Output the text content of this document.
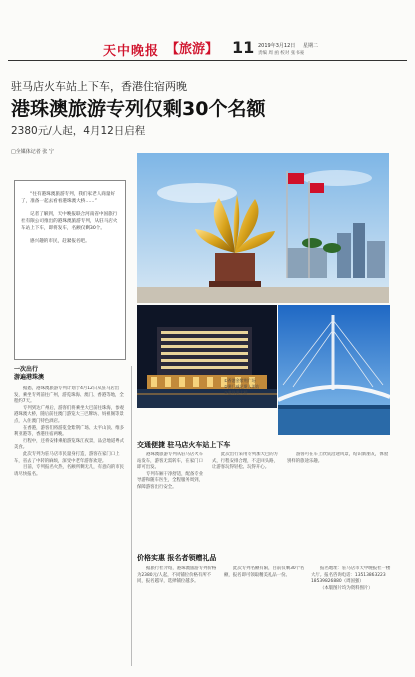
天中晚报 【旅游】 11 2019年3月12日 星期二
责编 周 函 校对 张书豪
驻马店火车站上下车，香港住宿两晚
港珠澳旅游专列仅剩30个名额
2380元/人起，4月12日启程
□全媒体记者 张 宁

“往有港珠澳旅游专列，我们家老人商量好了，准备一起去看看港珠澳大桥……”

记者了解到，天中晚报联合河南省中国旅行社有限公司推出的港珠澳旅游专列，从驻马店火车站上下车，即将发车，名额仅剩30个。

感兴趣的市民，赶紧报名吧。

①香港金紫荆广场
②澳门威尼斯人酒店
③港珠澳大桥
一次出行
游遍港珠澳
据悉，港珠澳旅游专列计划于4月12日从驻马店出发，乘坐专列前往广州，游览珠海、澳门、香港等地，全程约7天。
专列到达广州后，游客们将乘坐大巴前往珠海，参观港珠澳大桥，随后前往澳门游览大三巴牌坊、妈祖阁等景点，入住澳门特色酒店。
在香港，游客们将游览金紫荆广场、太平山顶、维多利亚港等，香港住宿两晚。
行程中，还将安排乘船游览珠江夜景，品尝地道粤式美食。
此次专列为驻马店市民量身打造，游客在家门口上车，省去了中转的麻烦，深受中老年游客欢迎。
目前，专列报名火热，名额所剩无几，有意向的市民请尽快报名。
交通便捷 驻马店火车站上下车
港珠澳旅游专列从驻马店火车站发车，游客无需转车，在家门口即可出发。
专列车厢干净舒适，配备专业导游和随车医生，全程服务周到，保障游客出行安全。
此次出行采用专列加大巴的方式，行程安排合理，不走回头路，让游客玩得轻松、玩得开心。
游客可在车上欣赏沿途风景，结识新朋友，体验别样的旅途乐趣。
价格实惠 报名者领赠礼品
据旅行社介绍，港珠澳旅游专列价格为2380元/人起，不同铺位价格有所不同，报名越早，选择铺位越多。
此次专列名额有限，目前仅剩30个名额，报名即可领取精美礼品一份。
报名地址：驻马店市天中晚报社一楼大厅。报名咨询电话：13513863223 18539826880（周国强）
（本版图片均为资料图片）
